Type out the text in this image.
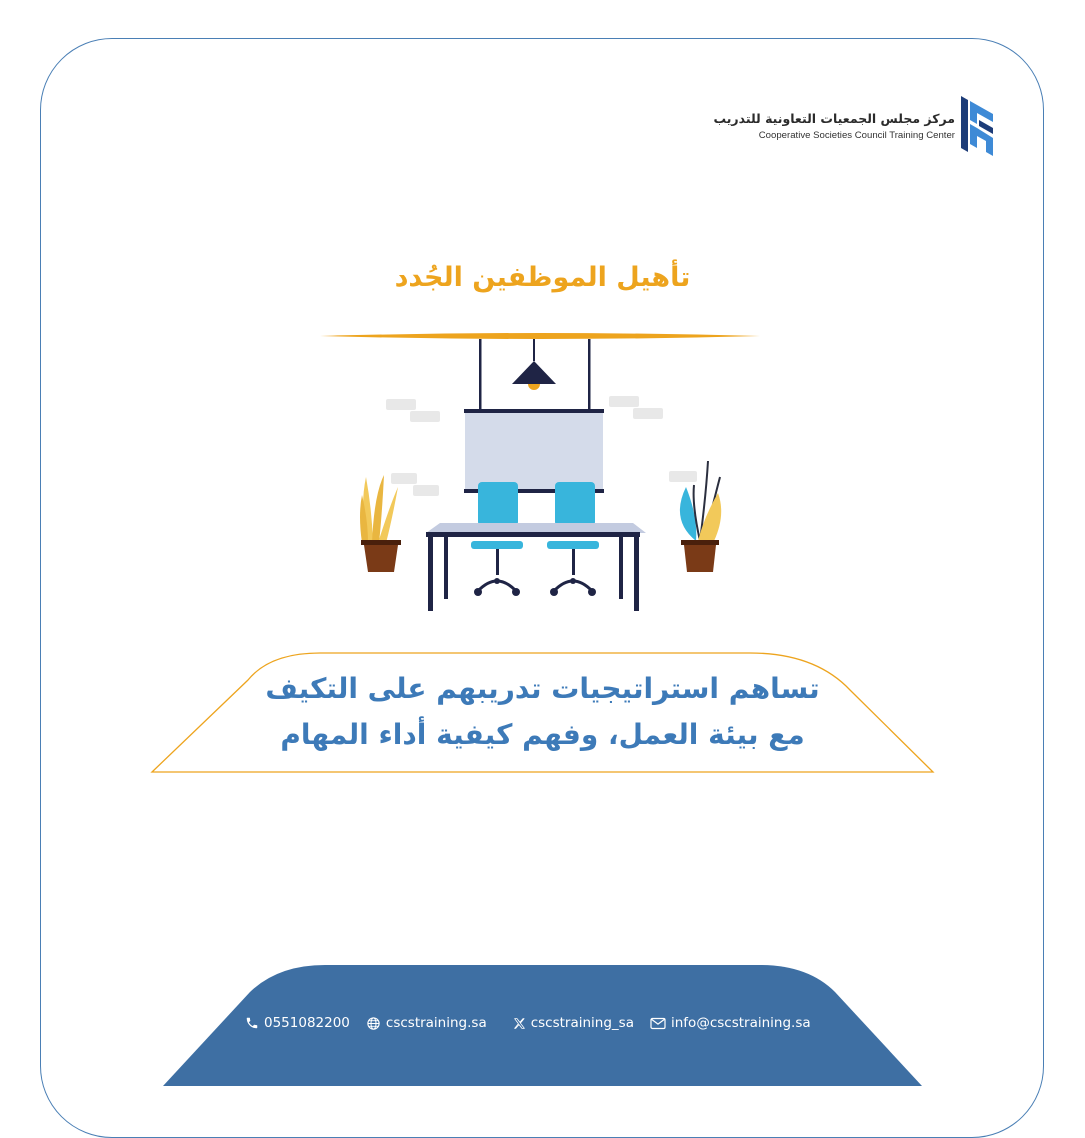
مركز مجلس الجمعيات التعاونية للتدريب
Cooperative Societies Council Training Center
تأهيل الموظفين الجُدد
تساهم استراتيجيات تدريبهم على التكيف
مع بيئة العمل، وفهم كيفية أداء المهام
0551082200	cscstraining.sa	cscstraining_sa	info@cscstraining.sa
